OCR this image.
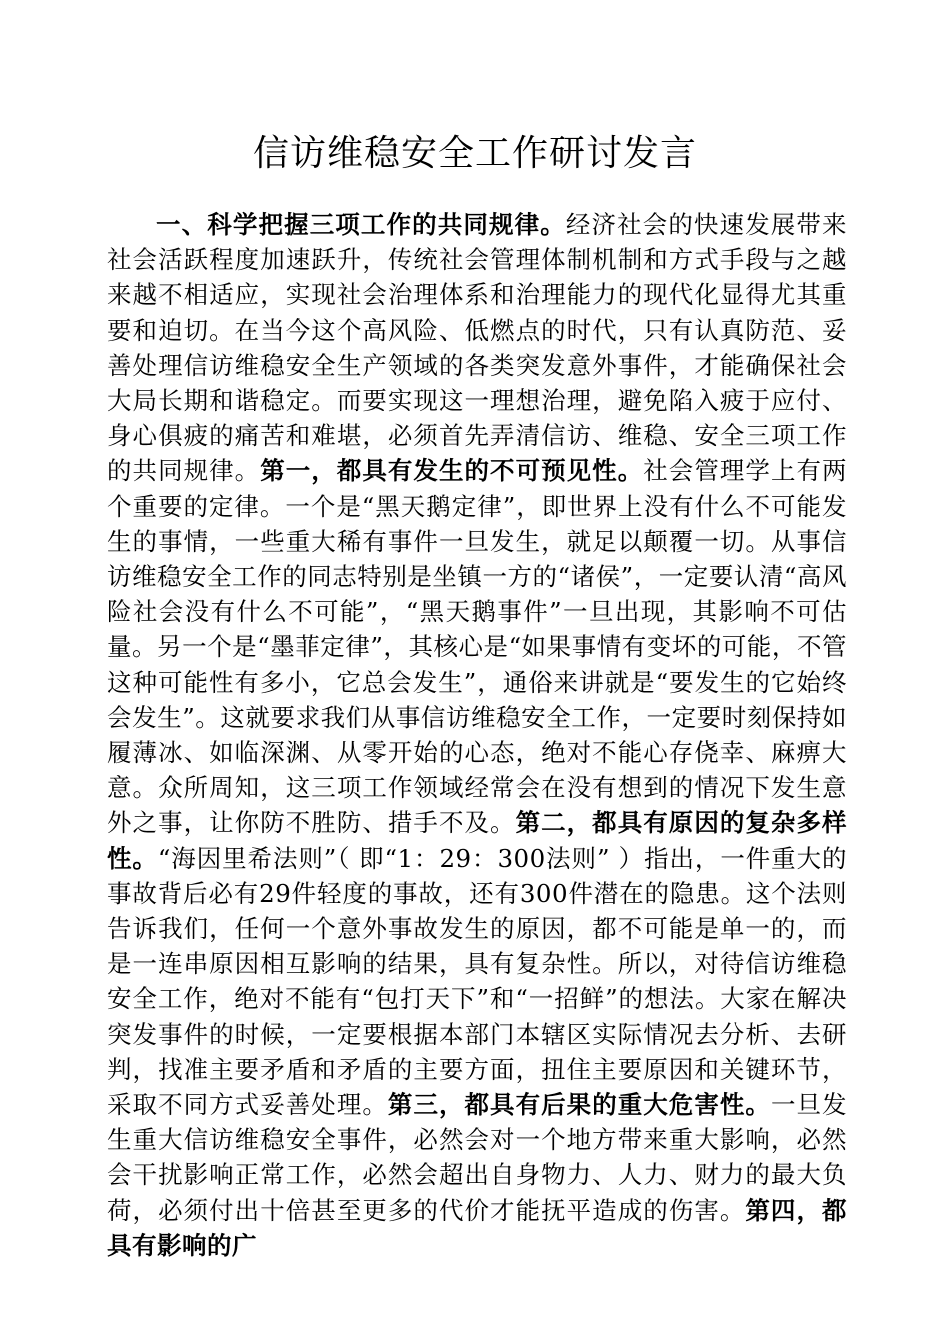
信访维稳安全工作研讨发言

一、科学把握三项工作的共同规律。经济社会的快速发展带来社会活跃程度加速跃升，传统社会管理体制机制和方式手段与之越来越不相适应，实现社会治理体系和治理能力的现代化显得尤其重要和迫切。在当今这个高风险、低燃点的时代，只有认真防范、妥善处理信访维稳安全生产领域的各类突发意外事件，才能确保社会大局长期和谐稳定。而要实现这一理想治理，避免陷入疲于应付、身心俱疲的痛苦和难堪，必须首先弄清信访、维稳、安全三项工作的共同规律。第一，都具有发生的不可预见性。社会管理学上有两个重要的定律。一个是“黑天鹅定律”，即世界上没有什么不可能发生的事情，一些重大稀有事件一旦发生，就足以颠覆一切。从事信访维稳安全工作的同志特别是坐镇一方的“诸侯”，一定要认清“高风险社会没有什么不可能”，“黑天鹅事件”一旦出现，其影响不可估量。另一个是“墨菲定律”，其核心是“如果事情有变坏的可能，不管这种可能性有多小，它总会发生”，通俗来讲就是“要发生的它始终会发生”。这就要求我们从事信访维稳安全工作，一定要时刻保持如履薄冰、如临深渊、从零开始的心态，绝对不能心存侥幸、麻痹大意。众所周知，这三项工作领域经常会在没有想到的情况下发生意外之事，让你防不胜防、措手不及。第二，都具有原因的复杂多样性。“海因里希法则”（ 即“1：29：300法则” ）指出，一件重大的事故背后必有29件轻度的事故，还有300件潜在的隐患。这个法则告诉我们，任何一个意外事故发生的原因，都不可能是单一的，而是一连串原因相互影响的结果，具有复杂性。所以，对待信访维稳安全工作，绝对不能有“包打天下”和“一招鲜”的想法。大家在解决突发事件的时候，一定要根据本部门本辖区实际情况去分析、去研判，找准主要矛盾和矛盾的主要方面，扭住主要原因和关键环节，采取不同方式妥善处理。第三，都具有后果的重大危害性。一旦发生重大信访维稳安全事件，必然会对一个地方带来重大影响，必然会干扰影响正常工作，必然会超出自身物力、人力、财力的最大负荷，必须付出十倍甚至更多的代价才能抚平造成的伤害。第四，都具有影响的广
